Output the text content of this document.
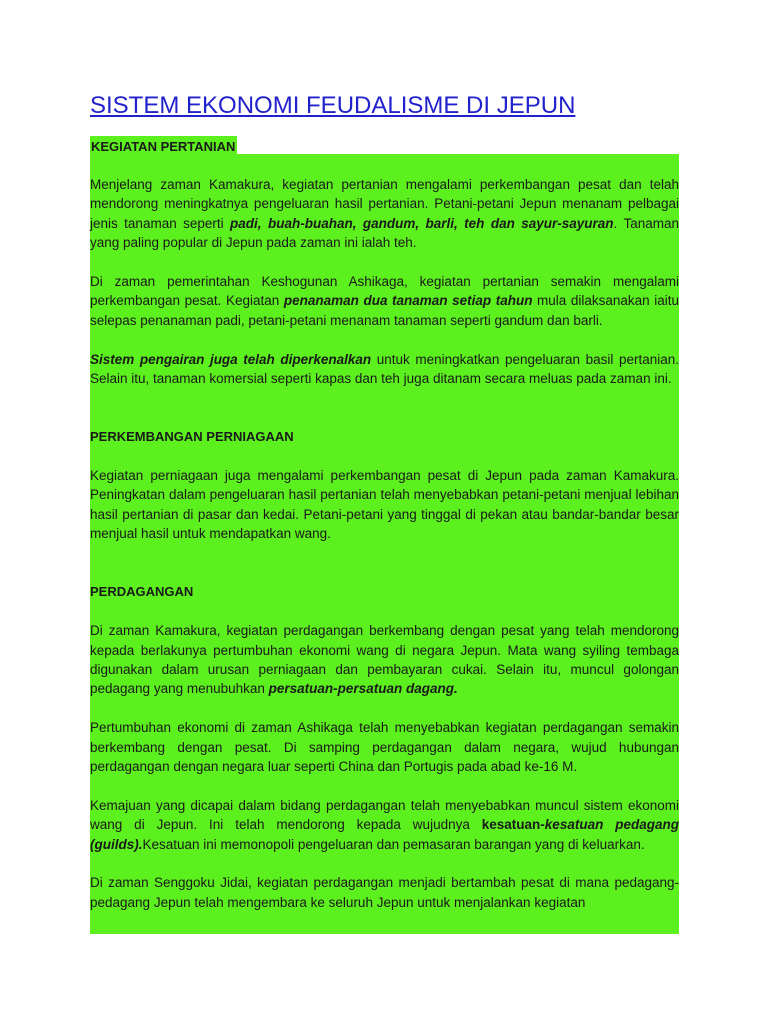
SISTEM EKONOMI FEUDALISME DI JEPUN
KEGIATAN PERTANIAN

Menjelang zaman Kamakura, kegiatan pertanian mengalami perkembangan pesat dan telah mendorong meningkatnya pengeluaran hasil pertanian. Petani-petani Jepun menanam pelbagai jenis tanaman seperti padi, buah-buahan, gandum, barli, teh dan sayur-sayuran. Tanaman yang paling popular di Jepun pada zaman ini ialah teh.

Di zaman pemerintahan Keshogunan Ashikaga, kegiatan pertanian semakin mengalami perkembangan pesat. Kegiatan penanaman dua tanaman setiap tahun mula dilaksanakan iaitu selepas penanaman padi, petani-petani menanam tanaman seperti gandum dan barli.

Sistem pengairan juga telah diperkenalkan untuk meningkatkan pengeluaran basil pertanian. Selain itu, tanaman komersial seperti kapas dan teh juga ditanam secara meluas pada zaman ini.

PERKEMBANGAN PERNIAGAAN

Kegiatan perniagaan juga mengalami perkembangan pesat di Jepun pada zaman Kamakura. Peningkatan dalam pengeluaran hasil pertanian telah menyebabkan petani-petani menjual lebihan hasil pertanian di pasar dan kedai. Petani-petani yang tinggal di pekan atau bandar-bandar besar menjual hasil untuk mendapatkan wang.

PERDAGANGAN

Di zaman Kamakura, kegiatan perdagangan berkembang dengan pesat yang telah mendorong kepada berlakunya pertumbuhan ekonomi wang di negara Jepun. Mata wang syiling tembaga digunakan dalam urusan perniagaan dan pembayaran cukai. Selain itu, muncul golongan pedagang yang menubuhkan persatuan-persatuan dagang.

Pertumbuhan ekonomi di zaman Ashikaga telah menyebabkan kegiatan perdagangan semakin berkembang dengan pesat. Di samping perdagangan dalam negara, wujud hubungan perdagangan dengan negara luar seperti China dan Portugis pada abad ke-16 M.

Kemajuan yang dicapai dalam bidang perdagangan telah menyebabkan muncul sistem ekonomi wang di Jepun. Ini telah mendorong kepada wujudnya kesatuan-kesatuan pedagang (guilds).Kesatuan ini memonopoli pengeluaran dan pemasaran barangan yang di keluarkan.

Di zaman Senggoku Jidai, kegiatan perdagangan menjadi bertambah pesat di mana pedagang-pedagang Jepun telah mengembara ke seluruh Jepun untuk menjalankan kegiatan
